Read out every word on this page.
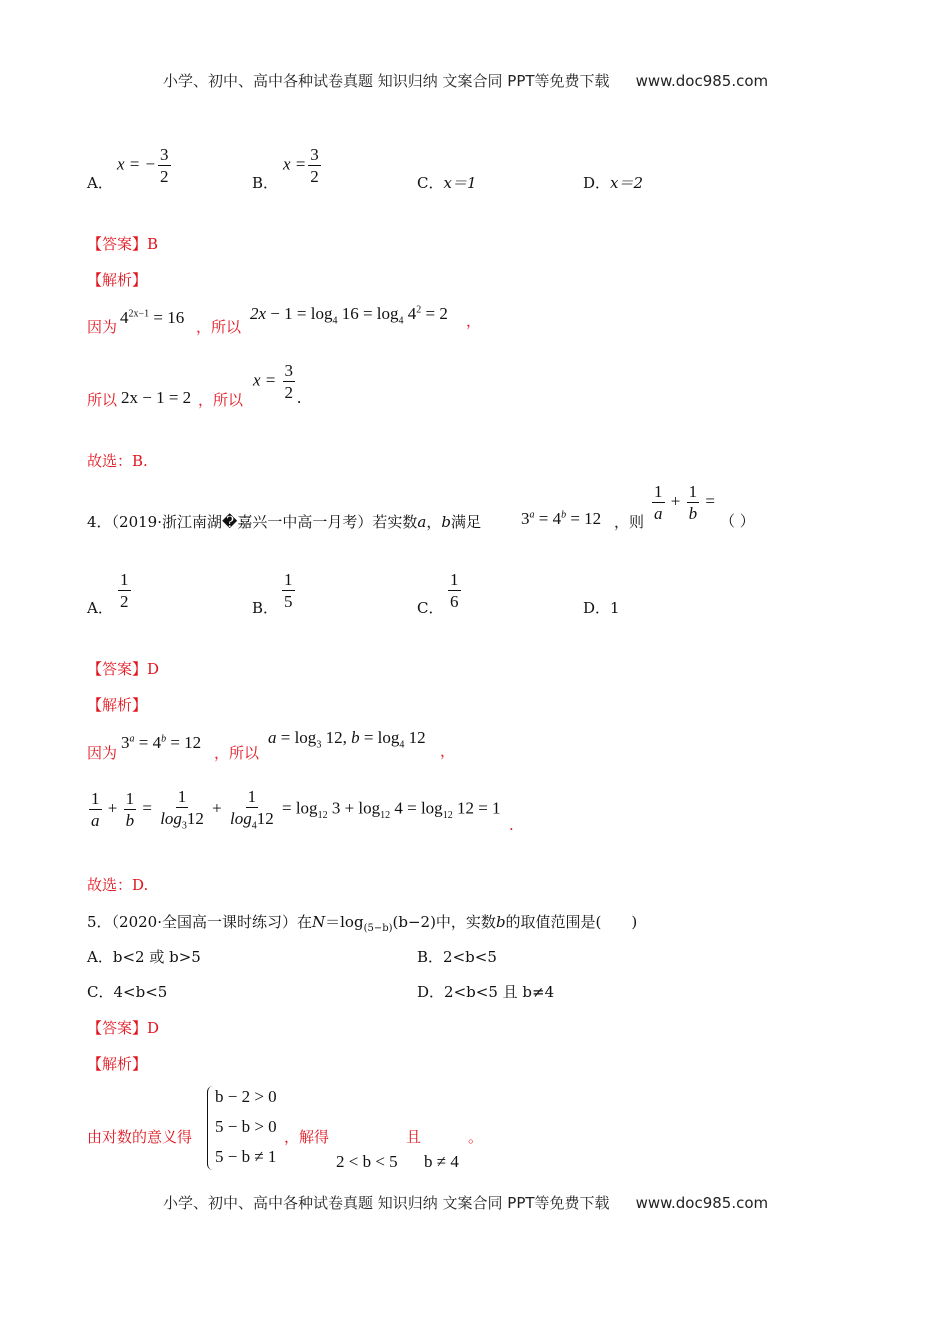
小学、初中、高中各种试卷真题 知识归纳 文案合同 PPT等免费下载 www.doc985.com
A．
x = − $\frac{3}{2}$	B．
$x = \frac{3}{2}$	C．x＝1	D．x＝2
【答案】B
【解析】
因为 $4^{2x-1} = 16$ ，所以
$2x - 1 = \log_4 16 = \log_4 4^2 = 2$ ，
所以 2x − 1 = 2 ，所以
$x = \frac{3}{2}$ .
故选：B.
4．（2019·浙江南湖�嘉兴一中高一月考）若实数a，b满足 $3^a = 4^b = 12$ ，则 $\frac{1}{a} + \frac{1}{b}$ =
（ ）
A． $\frac{1}{2}$	B． $\frac{1}{5}$	C． $\frac{1}{6}$	D．1
【答案】D
【解析】
因为
$3^a = 4^b = 12$
，所以
$a = \log_3 12$, $b = \log_4 12$
，
$\frac{1}{a} + \frac{1}{b} = \frac{1}{\log_312} + \frac{1}{\log_412} = \log_{12} 3 + \log_{12} 4 = \log_{12} 12 = 1$
.
故选：D.
5．（2020·全国高一课时练习）在$N=\log_{(5-b)}(b-2)$中，实数b的取值范围是(　　)
A．b<2 或 b>5	B．2<b<5
C．4<b<5	D．2<b<5 且 b≠4
【答案】D
【解析】
由对数的意义得
b − 2 > 0
5 − b > 0
5 − b ≠ 1
，解得	且	。
2 < b < 5 b ≠ 4
小学、初中、高中各种试卷真题 知识归纳 文案合同 PPT等免费下载 www.doc985.com
